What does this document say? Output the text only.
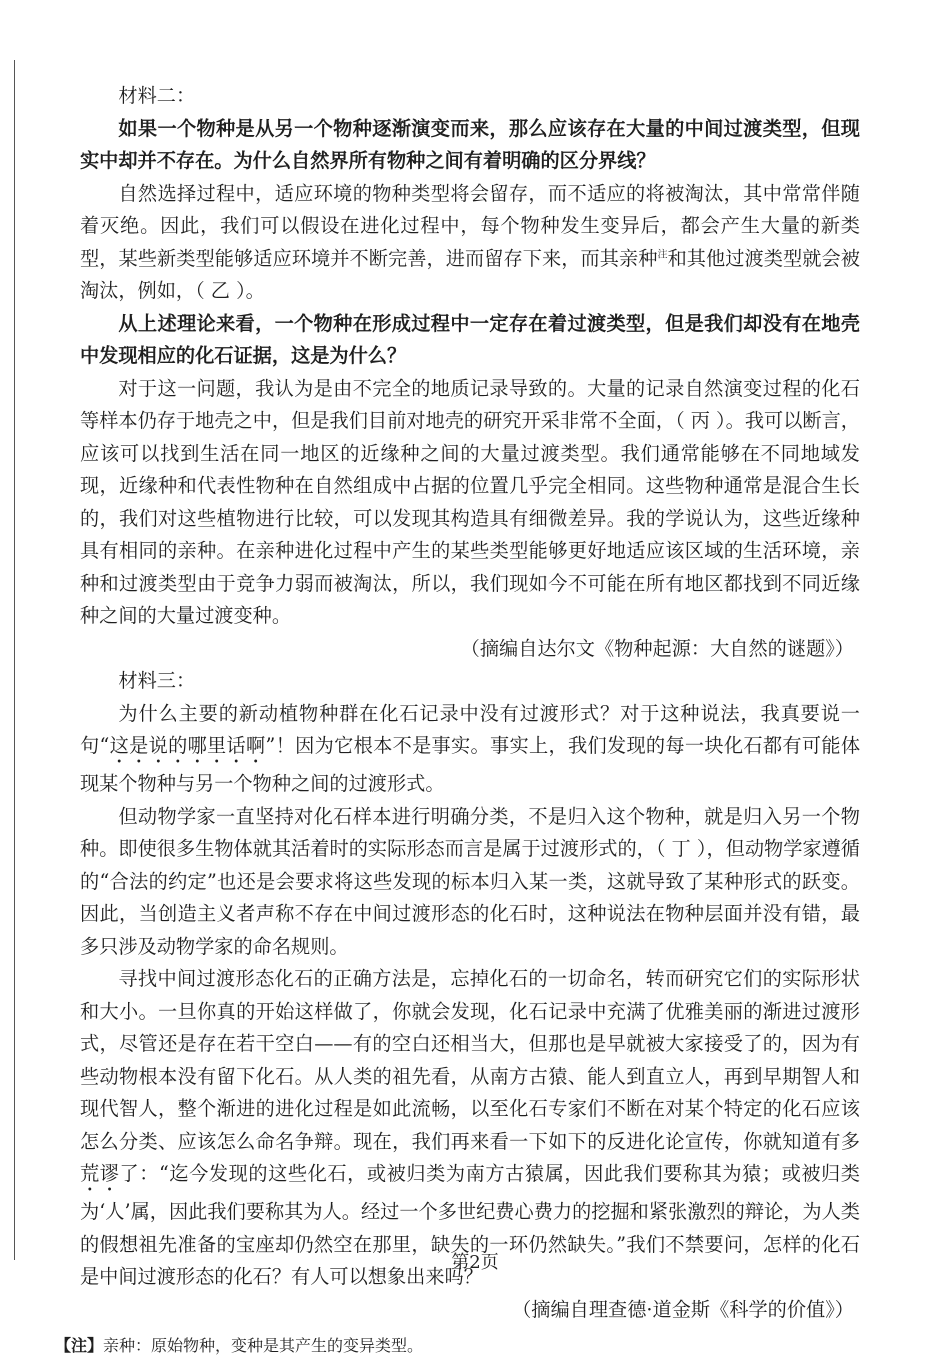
材料二：

如果一个物种是从另一个物种逐渐演变而来，那么应该存在大量的中间过渡类型，但现实中却并不存在。为什么自然界所有物种之间有着明确的区分界线？

自然选择过程中，适应环境的物种类型将会留存，而不适应的将被淘汰，其中常常伴随着灭绝。因此，我们可以假设在进化过程中，每个物种发生变异后，都会产生大量的新类型，某些新类型能够适应环境并不断完善，进而留存下来，而其亲种$^注$和其他过渡类型就会被淘汰，例如，（ 乙 ）。

从上述理论来看，一个物种在形成过程中一定存在着过渡类型，但是我们却没有在地壳中发现相应的化石证据，这是为什么？

对于这一问题，我认为是由不完全的地质记录导致的。大量的记录自然演变过程的化石等样本仍存于地壳之中，但是我们目前对地壳的研究开采非常不全面，（ 丙 ）。我可以断言，应该可以找到生活在同一地区的近缘种之间的大量过渡类型。我们通常能够在不同地域发现，近缘种和代表性物种在自然组成中占据的位置几乎完全相同。这些物种通常是混合生长的，我们对这些植物进行比较，可以发现其构造具有细微差异。我的学说认为，这些近缘种具有相同的亲种。在亲种进化过程中产生的某些类型能够更好地适应该区域的生活环境，亲种和过渡类型由于竞争力弱而被淘汰，所以，我们现如今不可能在所有地区都找到不同近缘种之间的大量过渡变种。

（摘编自达尔文《物种起源：大自然的谜题》）

材料三：

为什么主要的新动植物种群在化石记录中没有过渡形式？对于这种说法，我真要说一句“这是说的哪里话啊”！因为它根本不是事实。事实上，我们发现的每一块化石都有可能体现某个物种与另一个物种之间的过渡形式。

但动物学家一直坚持对化石样本进行明确分类，不是归入这个物种，就是归入另一个物种。即使很多生物体就其活着时的实际形态而言是属于过渡形式的，（ 丁 ），但动物学家遵循的“合法的约定”也还是会要求将这些发现的标本归入某一类，这就导致了某种形式的跃变。因此，当创造主义者声称不存在中间过渡形态的化石时，这种说法在物种层面并没有错，最多只涉及动物学家的命名规则。

寻找中间过渡形态化石的正确方法是，忘掉化石的一切命名，转而研究它们的实际形状和大小。一旦你真的开始这样做了，你就会发现，化石记录中充满了优雅美丽的渐进过渡形式，尽管还是存在若干空白——有的空白还相当大，但那也是早就被大家接受了的，因为有些动物根本没有留下化石。从人类的祖先看，从南方古猿、能人到直立人，再到早期智人和现代智人，整个渐进的进化过程是如此流畅，以至化石专家们不断在对某个特定的化石应该怎么分类、应该怎么命名争辩。现在，我们再来看一下如下的反进化论宣传，你就知道有多荒谬了：“迄今发现的这些化石，或被归类为南方古猿属，因此我们要称其为猿；或被归类为‘人’属，因此我们要称其为人。经过一个多世纪费心费力的挖掘和紧张激烈的辩论，为人类的假想祖先准备的宝座却仍然空在那里，缺失的一环仍然缺失。”我们不禁要问，怎样的化石是中间过渡形态的化石？有人可以想象出来吗？

（摘编自理查德·道金斯《科学的价值》）

【注】亲种：原始物种，变种是其产生的变异类型。

第2页
